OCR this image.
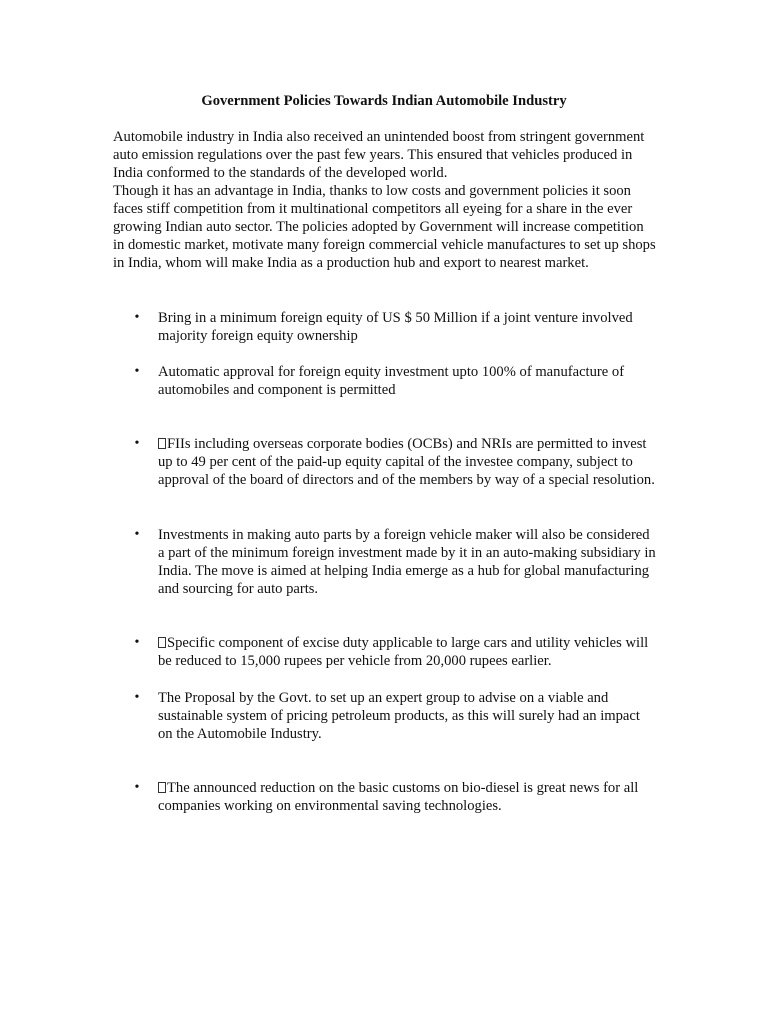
Government Policies Towards Indian Automobile Industry

Automobile industry in India also received an unintended boost from stringent government auto emission regulations over the past few years. This ensured that vehicles produced in India conformed to the standards of the developed world.

Though it has an advantage in India, thanks to low costs and government policies it soon faces stiff competition from it multinational competitors all eyeing for a share in the ever growing Indian auto sector. The policies adopted by Government will increase competition in domestic market, motivate many foreign commercial vehicle manufactures to set up shops in India, whom will make India as a production hub and export to nearest market.

• Bring in a minimum foreign equity of US $ 50 Million if a joint venture involved majority foreign equity ownership
• Automatic approval for foreign equity investment upto 100% of manufacture of automobiles and component is permitted
•	FIIs including overseas corporate bodies (OCBs) and NRIs are permitted to invest up to 49 per cent of the paid-up equity capital of the investee company, subject to approval of the board of directors and of the members by way of a special resolution.
• Investments in making auto parts by a foreign vehicle maker will also be considered a part of the minimum foreign investment made by it in an auto-making subsidiary in India. The move is aimed at helping India emerge as a hub for global manufacturing and sourcing for auto parts.
•	Specific component of excise duty applicable to large cars and utility vehicles will be reduced to 15,000 rupees per vehicle from 20,000 rupees earlier.
• The Proposal by the Govt. to set up an expert group to advise on a viable and sustainable system of pricing petroleum products, as this will surely had an impact on the Automobile Industry.
•	The announced reduction on the basic customs on bio-diesel is great news for all companies working on environmental saving technologies.
